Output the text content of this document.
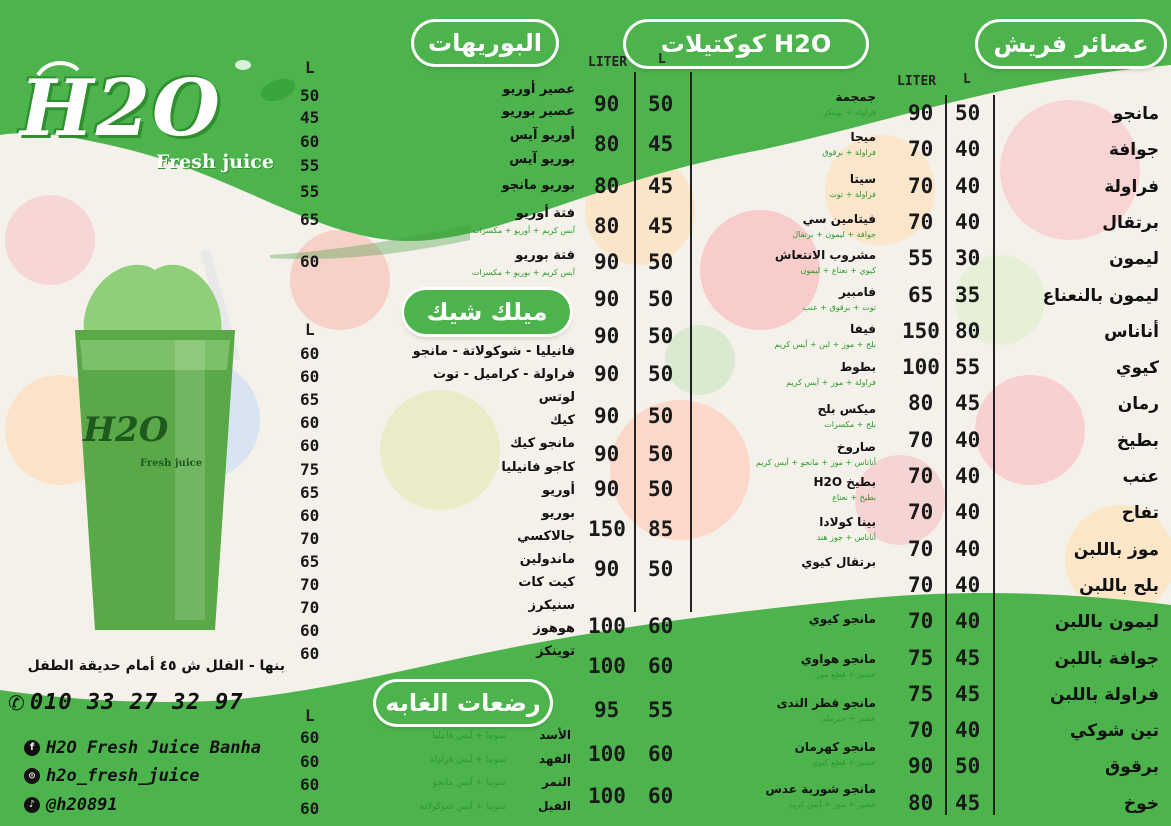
H2O
Fresh juice
H2O
Fresh juice
عصائر فريش
كوكتيلات H2O
البوريهات
ميلك شيك
رضعات الغابه
LITER L
LITER L
L
L
L
مانجو
50
90
جوافة
40
70
فراولة
40
70
برتقال
40
70
ليمون
30
55
ليمون بالنعناع
35
65
أناناس
80
150
كيوي
55
100
رمان
45
80
بطيخ
40
70
عنب
40
70
تفاح
40
70
موز باللبن
40
70
بلح باللبن
40
70
ليمون باللبن
40
70
جوافة باللبن
45
75
فراولة باللبن
45
75
تين شوكي
40
70
برقوق
50
90
خوخ
45
80
جمجمة
فراولة + توينكز
50
90
ميجا
فراولة + برقوق
45
80
سيتا
فراولة + توت
45
80
فيتامين سي
جوافة + ليمون + برتقال
45
80
مشروب الانتعاش
كيوي + نعناع + ليمون
50
90
فامبير
توت + برقوق + عنب
50
90
فيفا
بلح + موز + لبن + آيس كريم
50
90
بطوط
فراولة + موز + آيس كريم
50
90
ميكس بلح
بلح + مكسرات
50
90
صاروخ
أناناس + موز + مانجو + آيس كريم
50
90
بطيخ H2O
بطيخ + نعناع
50
90
بينا كولادا
أناناس + جوز هند
85
150
برتقال كيوي
50
90
مانجو كيوي
60
100
مانجو هواوي
عصير + قطع موز
60
100
مانجو قطر الندى
عصير + جيرملي
55
95
مانجو كهرمان
عصير + قطع كيوي
60
100
مانجو شوربة عدس
عصير + موز + آيس كريم
60
100
عصير أوريو
50
عصير بوريو
45
أوريو آيس
60
بوريو آيس
55
بوريو مانجو
55
فتة أوريو
آيس كريم + أوريو + مكسرات
65
فتة بوريو
آيس كريم + بوريو + مكسرات
60
فانيليا - شوكولاتة - مانجو
60
فراولة - كراميل - توت
60
لوتس
65
كيك
60
مانجو كيك
60
كاجو فانيليا
75
أوريو
65
بوريو
60
جالاكسي
70
ماندولين
65
كيت كات
70
سنيكرز
70
هوهوز
60
توينكز
60
الأسد
سوبيا + آيس فانيليا
60
الفهد
سوبيا + آيس فراولة
60
النمر
سوبيا + آيس مانجو
60
الفيل
سوبيا + آيس شوكولاتة
60
بنها - الفلل ش ٤٥ أمام حديقة الطفل
✆ 010 33 27 32 97
f H2O Fresh Juice Banha
◎ h2o_fresh_juice
♪ @h20891
